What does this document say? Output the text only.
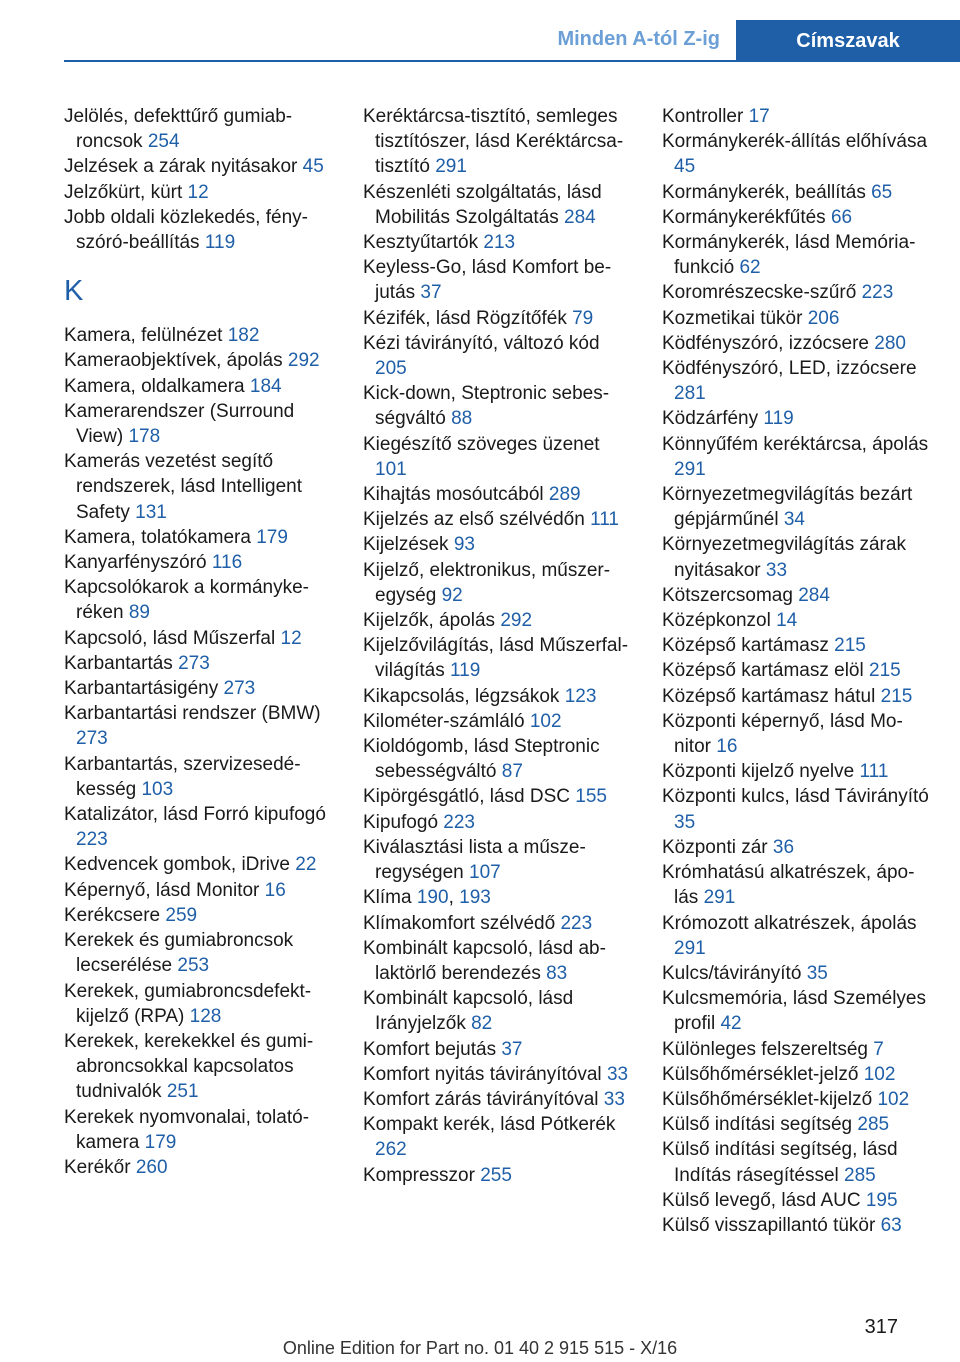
Minden A-tól Z-ig	Címszavak
Jelölés, defekttűrő gumiabroncsok 254
Jelzések a zárak nyitásakor 45
Jelzőkürt, kürt 12
Jobb oldali közlekedés, fényszóró-beállítás 119
K
Kamera, felülnézet 182
Kameraobjektívek, ápolás 292
Kamera, oldalkamera 184
Kamerarendszer (Surround View) 178
Kamerás vezetést segítő rendszerek, lásd Intelligent Safety 131
Kamera, tolatókamera 179
Kanyarfényszóró 116
Kapcsolókarok a kormánykeréken 89
Kapcsoló, lásd Műszerfal 12
Karbantartás 273
Karbantartásigény 273
Karbantartási rendszer (BMW) 273
Karbantartás, szervizesedékesség 103
Katalizátor, lásd Forró kipufogó 223
Kedvencek gombok, iDrive 22
Képernyő, lásd Monitor 16
Kerékcsere 259
Kerekek és gumiabroncsok lecserélése 253
Kerekek, gumiabroncsdefektkijelző (RPA) 128
Kerekek, kerekekkel és gumiabroncsokkal kapcsolatos tudnivalók 251
Kerekek nyomvonalai, tolatókamera 179
Kerékőr 260
Keréktárcsa-tisztító, semleges tisztítószer, lásd Keréktárcsa-tisztító 291
Készenléti szolgáltatás, lásd Mobilitás Szolgáltatás 284
Kesztyűtartók 213
Keyless-Go, lásd Komfort bejutás 37
Kézifék, lásd Rögzítőfék 79
Kézi távirányító, változó kód 205
Kick-down, Steptronic sebességváltó 88
Kiegészítő szöveges üzenet 101
Kihajtás mosóutcából 289
Kijelzés az első szélvédőn 111
Kijelzések 93
Kijelző, elektronikus, műszeregység 92
Kijelzők, ápolás 292
Kijelzővilágítás, lásd Műszerfal-világítás 119
Kikapcsolás, légzsákok 123
Kilométer-számláló 102
Kioldógomb, lásd Steptronic sebességváltó 87
Kipörgésgátló, lásd DSC 155
Kipufogó 223
Kiválasztási lista a műszeregységen 107
Klíma 190, 193
Klímakomfort szélvédő 223
Kombinált kapcsoló, lásd ablaktörlő berendezés 83
Kombinált kapcsoló, lásd Irányjelzők 82
Komfort bejutás 37
Komfort nyitás távirányítóval 33
Komfort zárás távirányítóval 33
Kompakt kerék, lásd Pótkerék 262
Kompresszor 255
Kontroller 17
Kormánykerék-állítás előhívása 45
Kormánykerék, beállítás 65
Kormánykerékfűtés 66
Kormánykerék, lásd Memóriafunkció 62
Koromrészecske-szűrő 223
Kozmetikai tükör 206
Ködfényszóró, izzócsere 280
Ködfényszóró, LED, izzócsere 281
Ködzárfény 119
Könnyűfém keréktárcsa, ápolás 291
Környezetmegvilágítás bezárt gépjárműnél 34
Környezetmegvilágítás zárak nyitásakor 33
Kötszercsomag 284
Középkonzol 14
Középső kartámasz 215
Középső kartámasz elöl 215
Középső kartámasz hátul 215
Központi képernyő, lásd Monitor 16
Központi kijelző nyelve 111
Központi kulcs, lásd Távirányító 35
Központi zár 36
Krómhatású alkatrészek, ápolás 291
Krómozott alkatrészek, ápolás 291
Kulcs/távirányító 35
Kulcsmemória, lásd Személyes profil 42
Különleges felszereltség 7
Külsőhőmérséklet-jelző 102
Külsőhőmérséklet-kijelző 102
Külső indítási segítség 285
Külső indítási segítség, lásd Indítás rásegítéssel 285
Külső levegő, lásd AUC 195
Külső visszapillantó tükör 63
317
Online Edition for Part no. 01 40 2 915 515 - X/16
